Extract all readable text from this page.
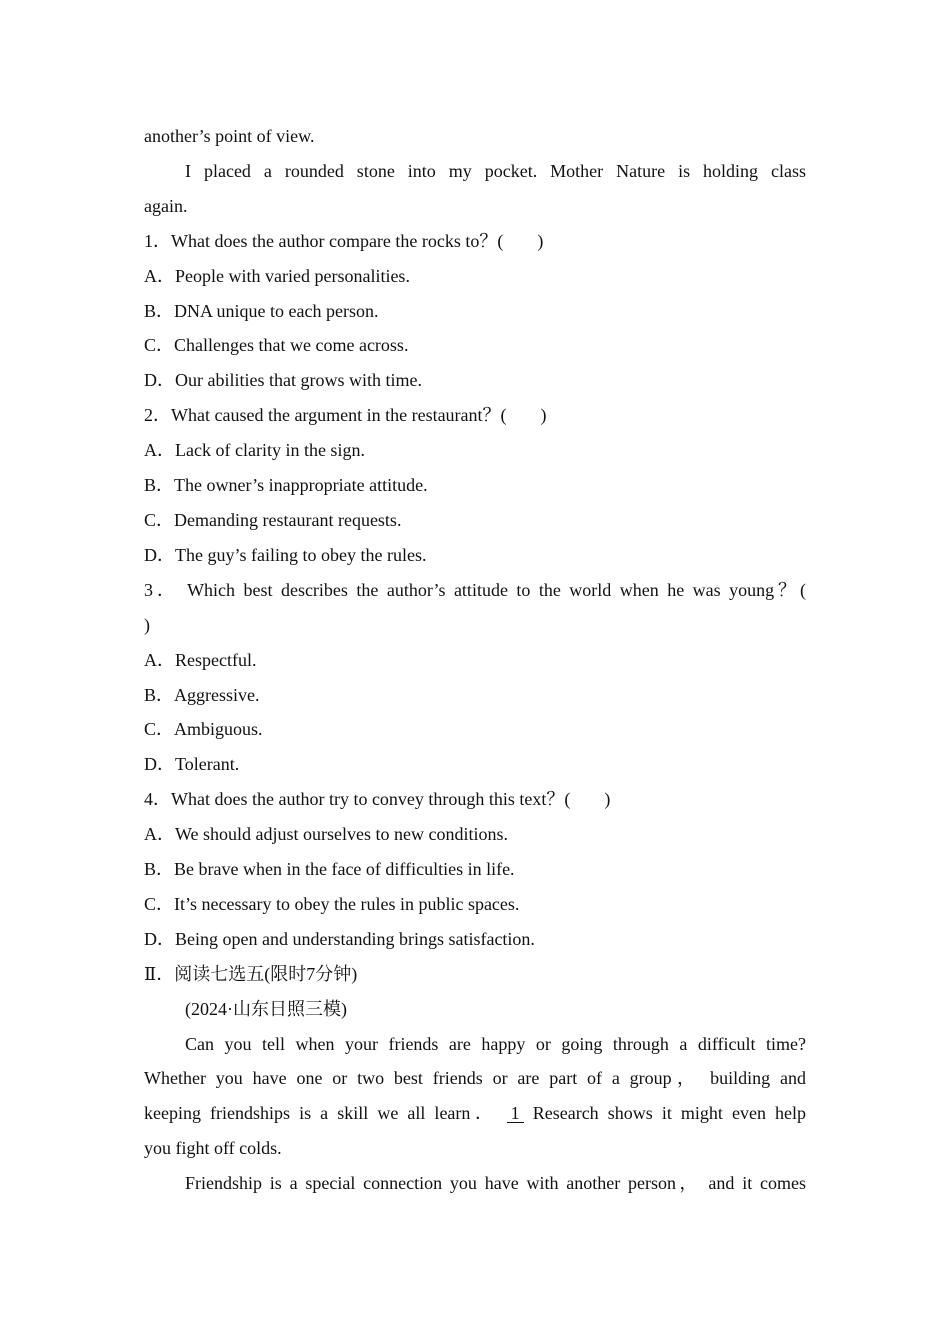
another’s point of view.
I placed a rounded stone into my pocket. Mother Nature is holding class
again.
1．What does the author compare the rocks to？( )
A．People with varied personalities.
B．DNA unique to each person.
C．Challenges that we come across.
D．Our abilities that grows with time.
2．What caused the argument in the restaurant？( )
A．Lack of clarity in the sign.
B．The owner’s inappropriate attitude.
C．Demanding restaurant requests.
D．The guy’s failing to obey the rules.
3． Which best describes the author’s attitude to the world when he was young？(
)
A．Respectful.
B．Aggressive.
C．Ambiguous.
D．Tolerant.
4．What does the author try to convey through this text？( )
A．We should adjust ourselves to new conditions.
B．Be brave when in the face of difficulties in life.
C．It’s necessary to obey the rules in public spaces.
D．Being open and understanding brings satisfaction.
Ⅱ．阅读七选五(限时7分钟)
(2024·山东日照三模)
Can you tell when your friends are happy or going through a difficult time?
Whether you have one or two best friends or are part of a group， building and
keeping friendships is a skill we all learn． 1 Research shows it might even help
you fight off colds.
Friendship is a special connection you have with another person， and it comes
